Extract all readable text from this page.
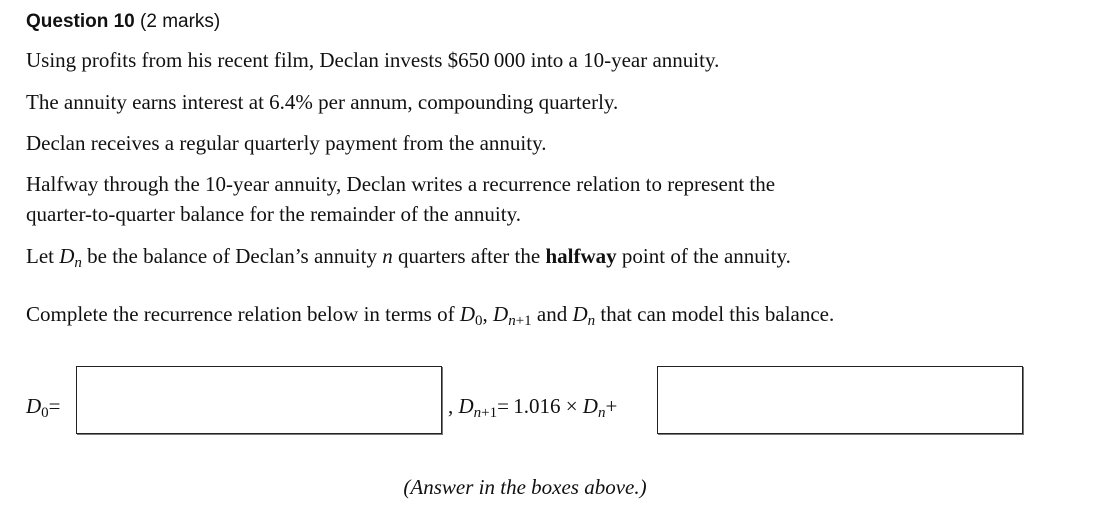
Question 10 (2 marks)
Using profits from his recent film, Declan invests $650 000 into a 10-year annuity.
The annuity earns interest at 6.4% per annum, compounding quarterly.
Declan receives a regular quarterly payment from the annuity.
Halfway through the 10-year annuity, Declan writes a recurrence relation to represent the
quarter-to-quarter balance for the remainder of the annuity.
Let $D_n$ be the balance of Declan’s annuity n quarters after the halfway point of the annuity.
Complete the recurrence relation below in terms of $D_0$, $D_{n+1}$ and $D_n$ that can model this balance.
$D_0=$	, $D_{n+1}= 1.016 \times D_n+$
(Answer in the boxes above.)
